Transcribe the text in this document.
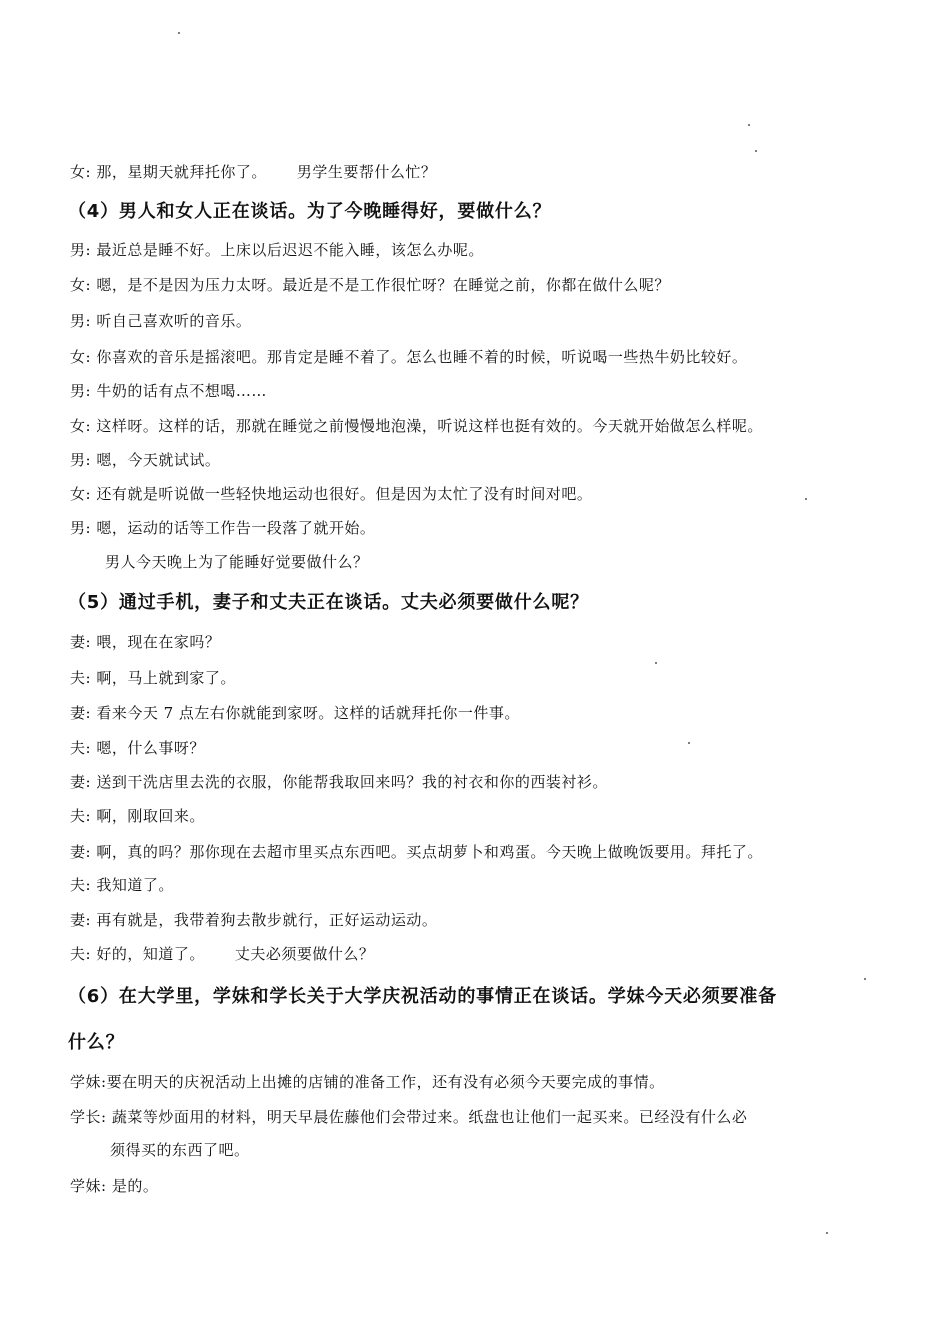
女: 那，星期天就拜托你了。 男学生要帮什么忙？
（4）男人和女人正在谈话。为了今晚睡得好，要做什么？
男: 最近总是睡不好。上床以后迟迟不能入睡，该怎么办呢。
女: 嗯，是不是因为压力太呀。最近是不是工作很忙呀？在睡觉之前，你都在做什么呢？
男: 听自己喜欢听的音乐。
女: 你喜欢的音乐是摇滚吧。那肯定是睡不着了。怎么也睡不着的时候，听说喝一些热牛奶比较好。
男: 牛奶的话有点不想喝……
女: 这样呀。这样的话，那就在睡觉之前慢慢地泡澡，听说这样也挺有效的。今天就开始做怎么样呢。
男: 嗯，今天就试试。
女: 还有就是听说做一些轻快地运动也很好。但是因为太忙了没有时间对吧。
男: 嗯，运动的话等工作告一段落了就开始。
男人今天晚上为了能睡好觉要做什么？
（5）通过手机，妻子和丈夫正在谈话。丈夫必须要做什么呢？
妻: 喂，现在在家吗？
夫: 啊，马上就到家了。
妻: 看来今天 7 点左右你就能到家呀。这样的话就拜托你一件事。
夫: 嗯，什么事呀？
妻: 送到干洗店里去洗的衣服，你能帮我取回来吗？我的衬衣和你的西装衬衫。
夫: 啊，刚取回来。
妻: 啊，真的吗？那你现在去超市里买点东西吧。买点胡萝卜和鸡蛋。今天晚上做晚饭要用。拜托了。
夫: 我知道了。
妻: 再有就是，我带着狗去散步就行，正好运动运动。
夫: 好的，知道了。 丈夫必须要做什么？
（6）在大学里，学妹和学长关于大学庆祝活动的事情正在谈话。学妹今天必须要准备
什么？
学妹:要在明天的庆祝活动上出摊的店铺的准备工作，还有没有必须今天要完成的事情。
学长: 蔬菜等炒面用的材料，明天早晨佐藤他们会带过来。纸盘也让他们一起买来。已经没有什么必
须得买的东西了吧。
学妹: 是的。
